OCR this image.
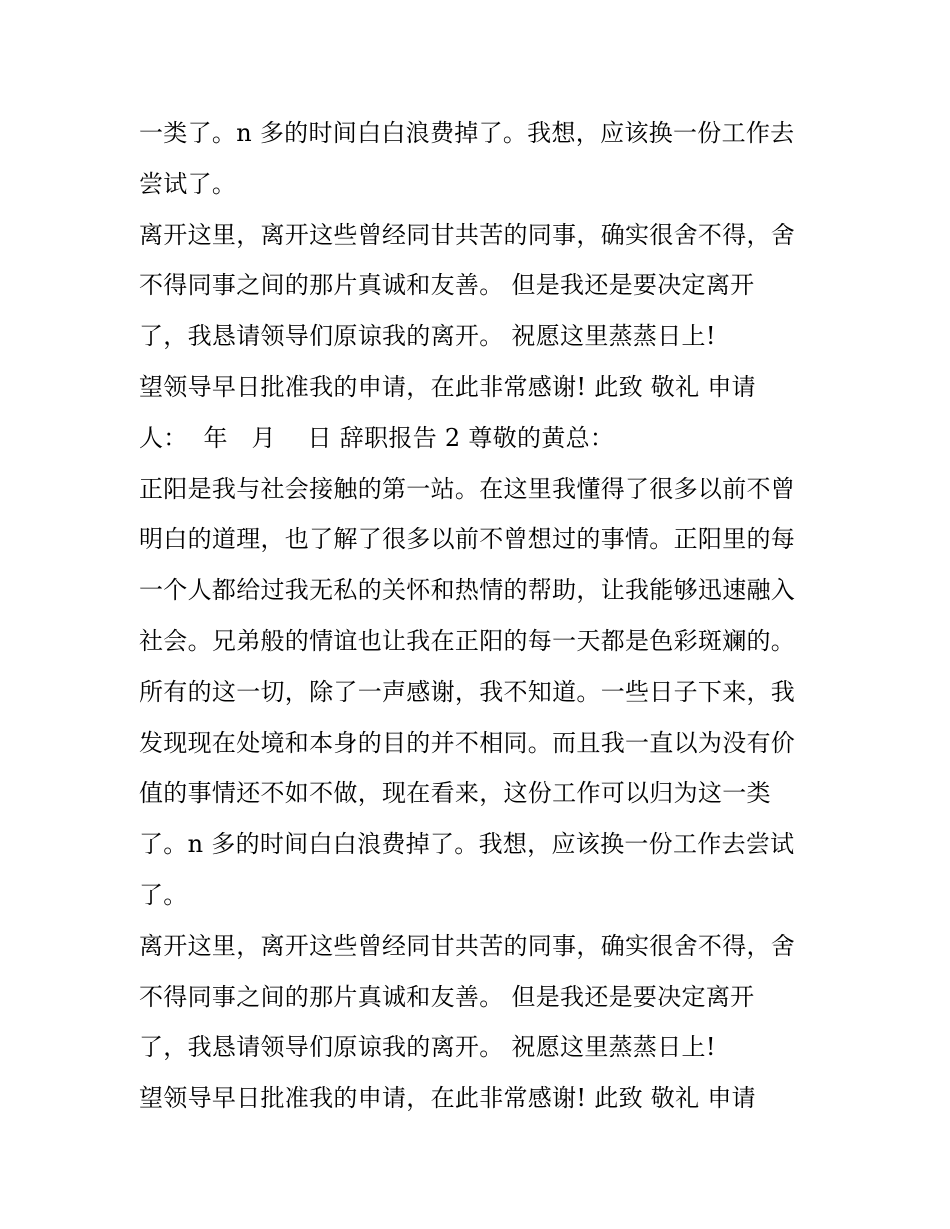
一类了。n 多的时间白白浪费掉了。我想，应该换一份工作去
尝试了。
离开这里，离开这些曾经同甘共苦的同事，确实很舍不得，舍
不得同事之间的那片真诚和友善。 但是我还是要决定离开
了，我恳请领导们原谅我的离开。 祝愿这里蒸蒸日上!
望领导早日批准我的申请，在此非常感谢! 此致 敬礼 申请
人：  年   月    日 辞职报告 2 尊敬的黄总：
正阳是我与社会接触的第一站。在这里我懂得了很多以前不曾
明白的道理，也了解了很多以前不曾想过的事情。正阳里的每
一个人都给过我无私的关怀和热情的帮助，让我能够迅速融入
社会。兄弟般的情谊也让我在正阳的每一天都是色彩斑斓的。
所有的这一切，除了一声感谢，我不知道。一些日子下来，我
发现现在处境和本身的目的并不相同。而且我一直以为没有价
值的事情还不如不做，现在看来，这份工作可以归为这一类
了。n 多的时间白白浪费掉了。我想，应该换一份工作去尝试
了。
离开这里，离开这些曾经同甘共苦的同事，确实很舍不得，舍
不得同事之间的那片真诚和友善。 但是我还是要决定离开
了，我恳请领导们原谅我的离开。 祝愿这里蒸蒸日上!
望领导早日批准我的申请，在此非常感谢! 此致 敬礼 申请
